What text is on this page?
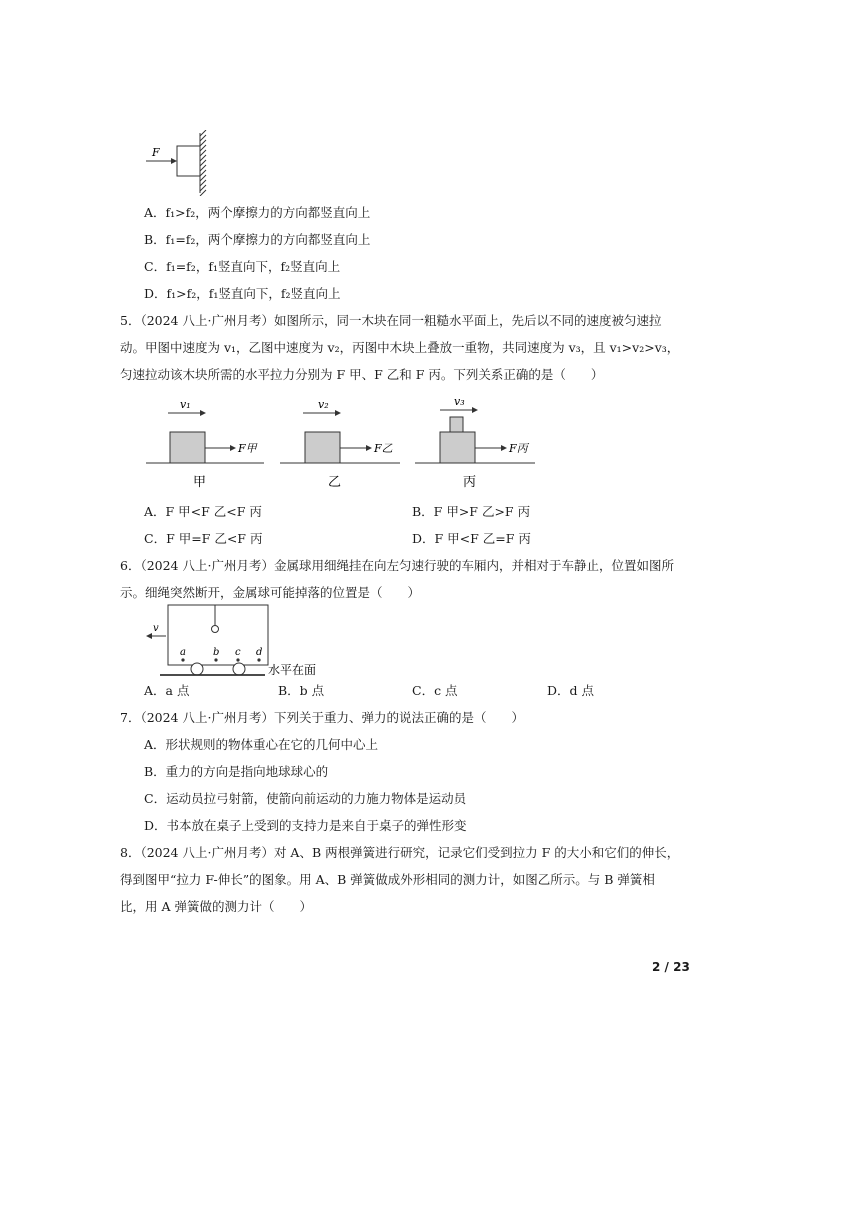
F
A．f₁>f₂，两个摩擦力的方向都竖直向上
B．f₁=f₂，两个摩擦力的方向都竖直向上
C．f₁=f₂，f₁竖直向下，f₂竖直向上
D．f₁>f₂，f₁竖直向下，f₂竖直向上
5．（2024 八上·广州月考）如图所示，同一木块在同一粗糙水平面上，先后以不同的速度被匀速拉
动。甲图中速度为 v₁，乙图中速度为 v₂，丙图中木块上叠放一重物，共同速度为 v₃，且 v₁>v₂>v₃，
匀速拉动该木块所需的水平拉力分别为 F 甲、F 乙和 F 丙。下列关系正确的是（　　）
v₁
F甲
甲
v₂
F乙
乙
v₃
F丙
丙
A．F 甲<F 乙<F 丙	B．F 甲>F 乙>F 丙
C．F 甲=F 乙<F 丙	D．F 甲<F 乙=F 丙
6．（2024 八上·广州月考）金属球用细绳挂在向左匀速行驶的车厢内，并相对于车静止，位置如图所
示。细绳突然断开，金属球可能掉落的位置是（　　）
v
a	b c d
水平在面
A．a 点	B．b 点	C．c 点	D．d 点
7．（2024 八上·广州月考）下列关于重力、弹力的说法正确的是（　　）
A．形状规则的物体重心在它的几何中心上
B．重力的方向是指向地球球心的
C．运动员拉弓射箭，使箭向前运动的力施力物体是运动员
D．书本放在桌子上受到的支持力是来自于桌子的弹性形变
8．（2024 八上·广州月考）对 A、B 两根弹簧进行研究，记录它们受到拉力 F 的大小和它们的伸长，
得到图甲“拉力 F-伸长”的图象。用 A、B 弹簧做成外形相同的测力计，如图乙所示。与 B 弹簧相
比，用 A 弹簧做的测力计（　　）
2 / 23
